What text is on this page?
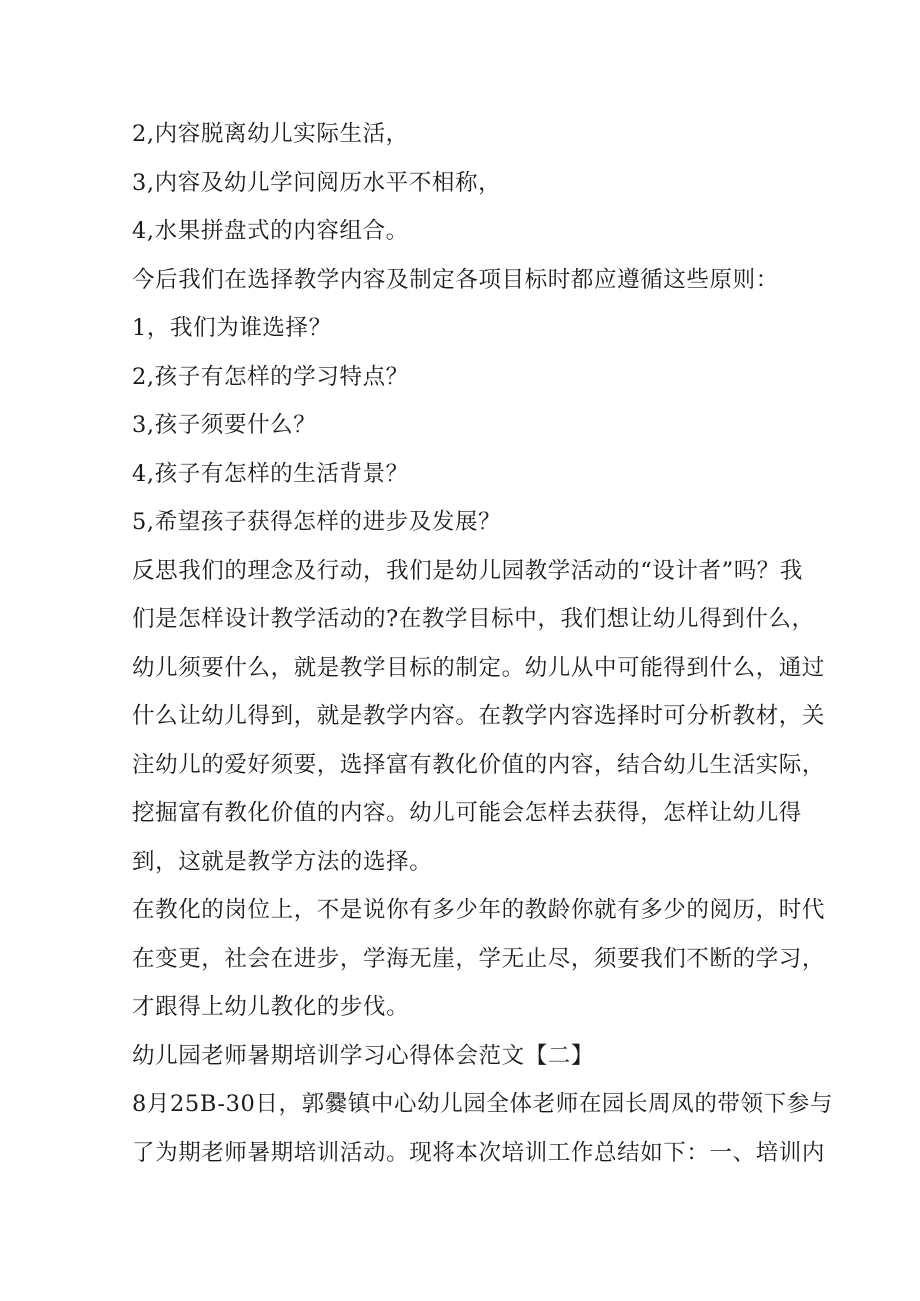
2,内容脱离幼儿实际生活，

3,内容及幼儿学问阅历水平不相称，

4,水果拼盘式的内容组合。

今后我们在选择教学内容及制定各项目标时都应遵循这些原则：

1，我们为谁选择？

2,孩子有怎样的学习特点？

3,孩子须要什么？

4,孩子有怎样的生活背景？

5,希望孩子获得怎样的进步及发展？

反思我们的理念及行动，我们是幼儿园教学活动的“设计者”吗？我
们是怎样设计教学活动的?在教学目标中，我们想让幼儿得到什么，
幼儿须要什么，就是教学目标的制定。幼儿从中可能得到什么，通过
什么让幼儿得到，就是教学内容。在教学内容选择时可分析教材，关
注幼儿的爱好须要，选择富有教化价值的内容，结合幼儿生活实际，
挖掘富有教化价值的内容。幼儿可能会怎样去获得，怎样让幼儿得
到，这就是教学方法的选择。

在教化的岗位上，不是说你有多少年的教龄你就有多少的阅历，时代
在变更，社会在进步，学海无崖，学无止尽，须要我们不断的学习，
才跟得上幼儿教化的步伐。

幼儿园老师暑期培训学习心得体会范文【二】

8月25B-30日，郭爨镇中心幼儿园全体老师在园长周凤的带领下参与
了为期老师暑期培训活动。现将本次培训工作总结如下：一、培训内
